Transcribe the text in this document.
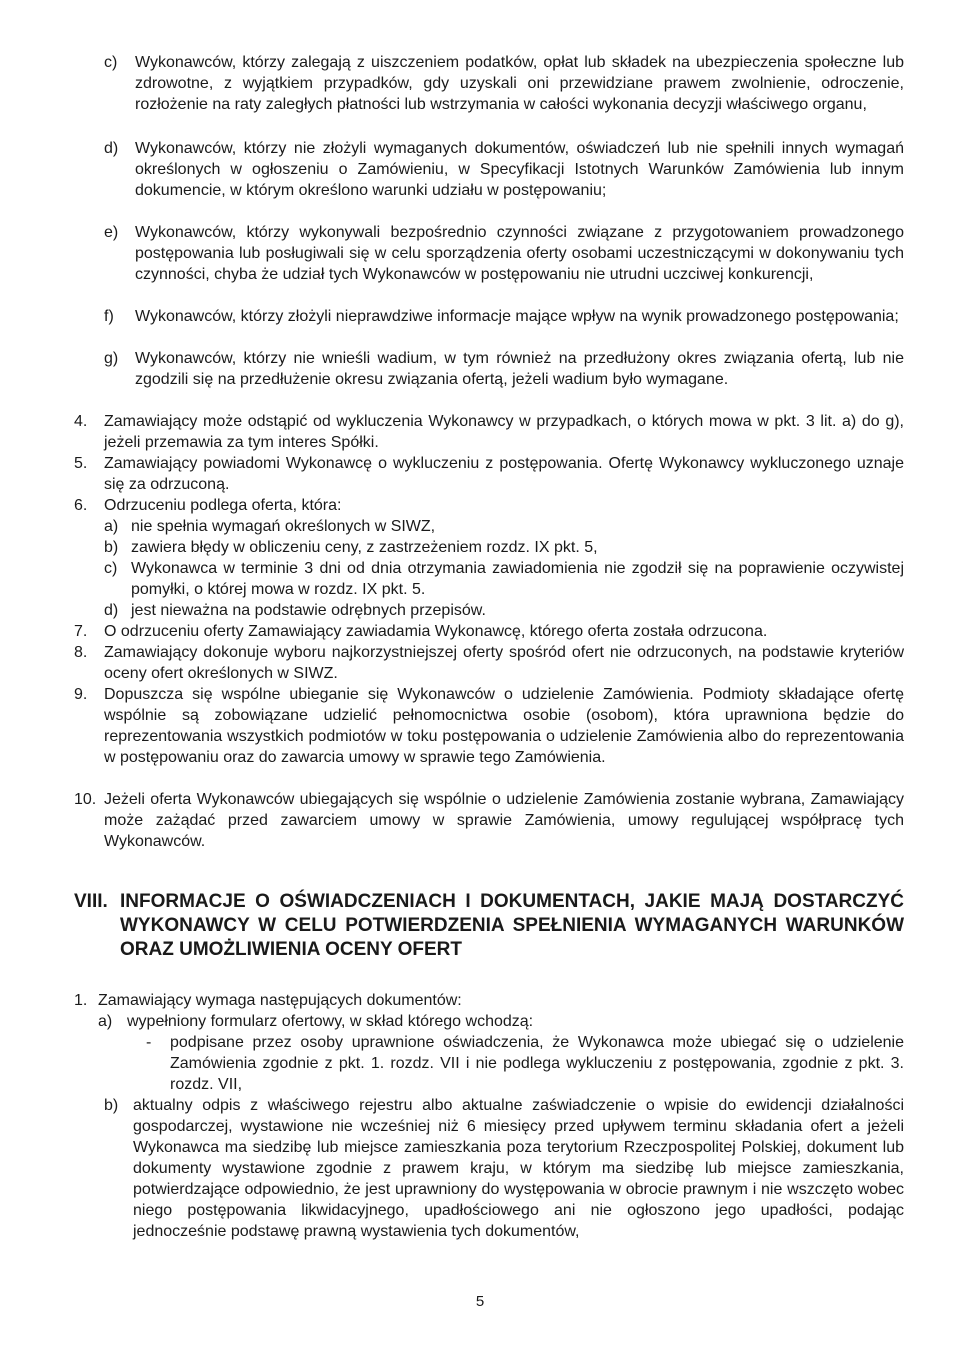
c)	Wykonawców, którzy zalegają z uiszczeniem podatków, opłat lub składek na ubezpieczenia społeczne lub zdrowotne, z wyjątkiem przypadków, gdy uzyskali oni przewidziane prawem zwolnienie, odroczenie, rozłożenie na raty zaległych płatności lub wstrzymania w całości wykonania decyzji właściwego organu,
d)	Wykonawców, którzy nie złożyli wymaganych dokumentów, oświadczeń lub nie spełnili innych wymagań określonych w ogłoszeniu o Zamówieniu, w Specyfikacji Istotnych Warunków Zamówienia lub innym dokumencie, w którym określono warunki udziału w postępowaniu;
e)	Wykonawców, którzy wykonywali bezpośrednio czynności związane z przygotowaniem prowadzonego postępowania lub posługiwali się w celu sporządzenia oferty osobami uczestniczącymi w dokonywaniu tych czynności, chyba że udział tych Wykonawców w postępowaniu nie utrudni uczciwej konkurencji,
f)	Wykonawców, którzy złożyli nieprawdziwe informacje mające wpływ na wynik prowadzonego postępowania;
g)	Wykonawców, którzy nie wnieśli wadium, w tym również na przedłużony okres związania ofertą, lub nie zgodzili się na przedłużenie okresu związania ofertą, jeżeli wadium było wymagane.
4.	Zamawiający może odstąpić od wykluczenia Wykonawcy w przypadkach, o których mowa w pkt. 3 lit. a) do g), jeżeli przemawia za tym interes Spółki.
5.	Zamawiający powiadomi Wykonawcę o wykluczeniu z postępowania. Ofertę Wykonawcy wykluczonego uznaje się za odrzuconą.
6.	Odrzuceniu podlega oferta, która:
a) nie spełnia wymagań określonych w SIWZ,
b) zawiera błędy w obliczeniu ceny, z zastrzeżeniem rozdz. IX pkt. 5,
c) Wykonawca w terminie 3 dni od dnia otrzymania zawiadomienia nie zgodził się na poprawienie oczywistej pomyłki, o której mowa w rozdz. IX pkt. 5.
d) jest nieważna na podstawie odrębnych przepisów.
7.	O odrzuceniu oferty Zamawiający zawiadamia Wykonawcę, którego oferta została odrzucona.
8.	Zamawiający dokonuje wyboru najkorzystniejszej oferty spośród ofert nie odrzuconych, na podstawie kryteriów oceny ofert określonych w SIWZ.
9.	Dopuszcza się wspólne ubieganie się Wykonawców o udzielenie Zamówienia. Podmioty składające ofertę wspólnie są zobowiązane udzielić pełnomocnictwa osobie (osobom), która uprawniona będzie do reprezentowania wszystkich podmiotów w toku postępowania o udzielenie Zamówienia albo do reprezentowania w postępowaniu oraz do zawarcia umowy w sprawie tego Zamówienia.
10. Jeżeli oferta Wykonawców ubiegających się wspólnie o udzielenie Zamówienia zostanie wybrana, Zamawiający może zażądać przed zawarciem umowy w sprawie Zamówienia, umowy regulującej współpracę tych Wykonawców.
VIII. INFORMACJE O OŚWIADCZENIACH I DOKUMENTACH, JAKIE MAJĄ DOSTARCZYĆ WYKONAWCY W CELU POTWIERDZENIA SPEŁNIENIA WYMAGANYCH WARUNKÓW ORAZ UMOŻLIWIENIA OCENY OFERT
1. Zamawiający wymaga następujących dokumentów:
a) wypełniony formularz ofertowy, w skład którego wchodzą:
-	podpisane przez osoby uprawnione oświadczenia, że Wykonawca może ubiegać się o udzielenie Zamówienia zgodnie z pkt. 1. rozdz. VII i nie podlega wykluczeniu z postępowania, zgodnie z pkt. 3. rozdz. VII,
b) aktualny odpis z właściwego rejestru albo aktualne zaświadczenie o wpisie do ewidencji działalności gospodarczej, wystawione nie wcześniej niż 6 miesięcy przed upływem terminu składania ofert a jeżeli Wykonawca ma siedzibę lub miejsce zamieszkania poza terytorium Rzeczpospolitej Polskiej, dokument lub dokumenty wystawione zgodnie z prawem kraju, w którym ma siedzibę lub miejsce zamieszkania, potwierdzające odpowiednio, że jest uprawniony do występowania w obrocie prawnym i nie wszczęto wobec niego postępowania likwidacyjnego, upadłościowego ani nie ogłoszono jego upadłości, podając jednocześnie podstawę prawną wystawienia tych dokumentów,
5
